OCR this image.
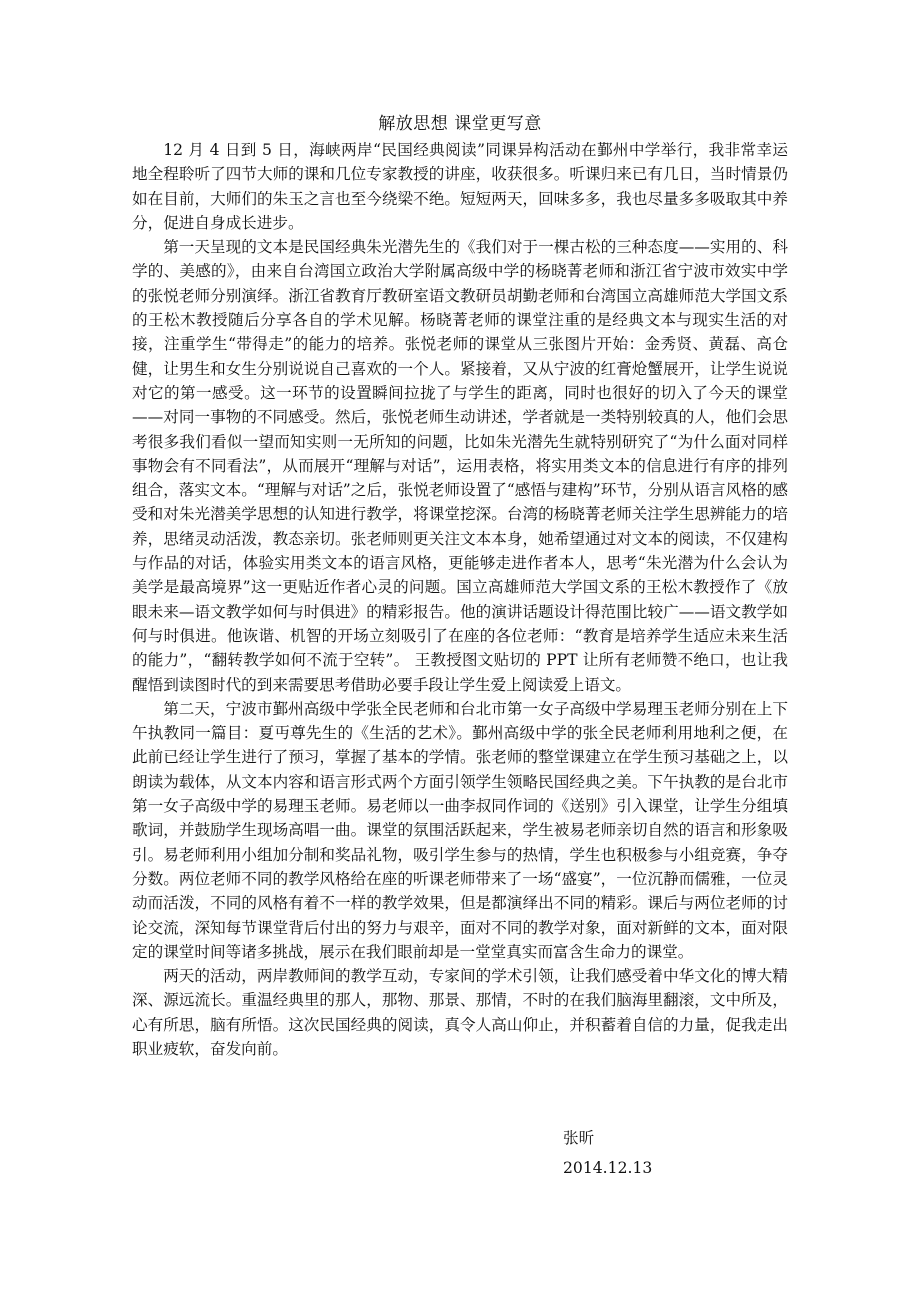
解放思想 课堂更写意

12 月 4 日到 5 日，海峡两岸“民国经典阅读”同课异构活动在鄞州中学举行，我非常幸运地全程聆听了四节大师的课和几位专家教授的讲座，收获很多。听课归来已有几日，当时情景仍如在目前，大师们的朱玉之言也至今绕梁不绝。短短两天，回味多多，我也尽量多多吸取其中养分，促进自身成长进步。

第一天呈现的文本是民国经典朱光潜先生的《我们对于一棵古松的三种态度——实用的、科学的、美感的》，由来自台湾国立政治大学附属高级中学的杨晓菁老师和浙江省宁波市效实中学的张悦老师分别演绎。浙江省教育厅教研室语文教研员胡勤老师和台湾国立高雄师范大学国文系的王松木教授随后分享各自的学术见解。杨晓菁老师的课堂注重的是经典文本与现实生活的对接，注重学生“带得走”的能力的培养。张悦老师的课堂从三张图片开始：金秀贤、黄磊、高仓健，让男生和女生分别说说自己喜欢的一个人。紧接着，又从宁波的红膏炝蟹展开，让学生说说对它的第一感受。这一环节的设置瞬间拉拢了与学生的距离，同时也很好的切入了今天的课堂——对同一事物的不同感受。然后，张悦老师生动讲述，学者就是一类特别较真的人，他们会思考很多我们看似一望而知实则一无所知的问题，比如朱光潜先生就特别研究了“为什么面对同样事物会有不同看法”，从而展开“理解与对话”，运用表格，将实用类文本的信息进行有序的排列组合，落实文本。“理解与对话”之后，张悦老师设置了“感悟与建构”环节，分别从语言风格的感受和对朱光潜美学思想的认知进行教学，将课堂挖深。台湾的杨晓菁老师关注学生思辨能力的培养，思绪灵动活泼，教态亲切。张老师则更关注文本本身，她希望通过对文本的阅读，不仅建构与作品的对话，体验实用类文本的语言风格，更能够走进作者本人，思考“朱光潜为什么会认为美学是最高境界”这一更贴近作者心灵的问题。国立高雄师范大学国文系的王松木教授作了《放眼未来—语文教学如何与时俱进》的精彩报告。他的演讲话题设计得范围比较广——语文教学如何与时俱进。他诙谐、机智的开场立刻吸引了在座的各位老师：“教育是培养学生适应未来生活的能力”，“翻转教学如何不流于空转”。 王教授图文贴切的 PPT 让所有老师赞不绝口，也让我醒悟到读图时代的到来需要思考借助必要手段让学生爱上阅读爱上语文。

第二天，宁波市鄞州高级中学张全民老师和台北市第一女子高级中学易理玉老师分别在上下午执教同一篇目：夏丏尊先生的《生活的艺术》。鄞州高级中学的张全民老师利用地利之便，在此前已经让学生进行了预习，掌握了基本的学情。张老师的整堂课建立在学生预习基础之上，以朗读为载体，从文本内容和语言形式两个方面引领学生领略民国经典之美。下午执教的是台北市第一女子高级中学的易理玉老师。易老师以一曲李叔同作词的《送别》引入课堂，让学生分组填歌词，并鼓励学生现场高唱一曲。课堂的氛围活跃起来，学生被易老师亲切自然的语言和形象吸引。易老师利用小组加分制和奖品礼物，吸引学生参与的热情，学生也积极参与小组竞赛，争夺分数。两位老师不同的教学风格给在座的听课老师带来了一场“盛宴”，一位沉静而儒雅，一位灵动而活泼，不同的风格有着不一样的教学效果，但是都演绎出不同的精彩。课后与两位老师的讨论交流，深知每节课堂背后付出的努力与艰辛，面对不同的教学对象，面对新鲜的文本，面对限定的课堂时间等诸多挑战，展示在我们眼前却是一堂堂真实而富含生命力的课堂。

两天的活动，两岸教师间的教学互动，专家间的学术引领，让我们感受着中华文化的博大精深、源远流长。重温经典里的那人，那物、那景、那情，不时的在我们脑海里翻滚，文中所及，心有所思，脑有所悟。这次民国经典的阅读，真令人高山仰止，并积蓄着自信的力量，促我走出职业疲软，奋发向前。

张昕
2014.12.13
